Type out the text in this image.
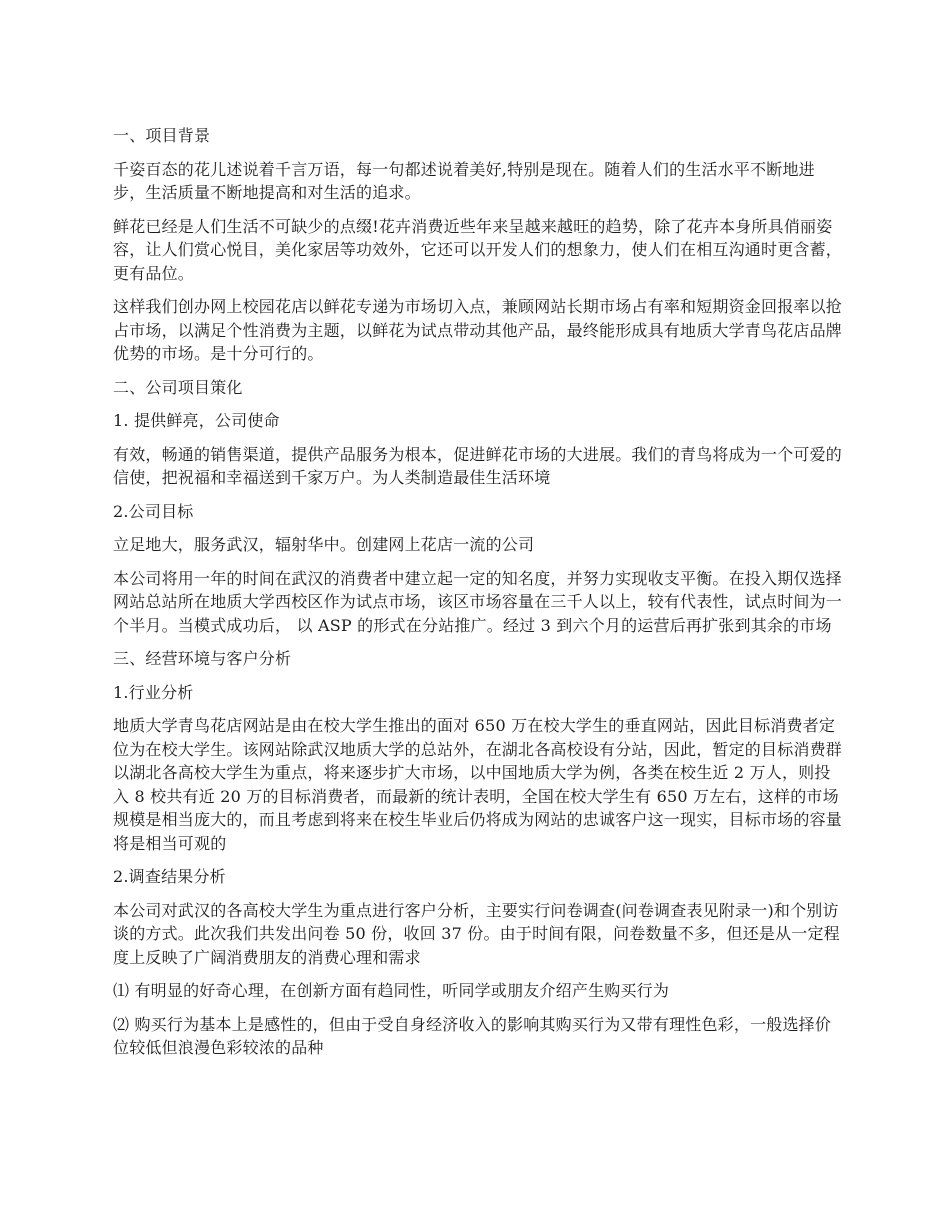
一、项目背景

千姿百态的花儿述说着千言万语，每一句都述说着美好,特别是现在。随着人们的生活水平不断地进步，生活质量不断地提高和对生活的追求。

鲜花已经是人们生活不可缺少的点缀!花卉消费近些年来呈越来越旺的趋势，除了花卉本身所具俏丽姿容，让人们赏心悦目，美化家居等功效外，它还可以开发人们的想象力，使人们在相互沟通时更含蓄，更有品位。

这样我们创办网上校园花店以鲜花专递为市场切入点，兼顾网站长期市场占有率和短期资金回报率以抢占市场，以满足个性消费为主题，以鲜花为试点带动其他产品，最终能形成具有地质大学青鸟花店品牌优势的市场。是十分可行的。

二、公司项目策化

1. 提供鲜亮，公司使命

有效，畅通的销售渠道，提供产品服务为根本，促进鲜花市场的大进展。我们的青鸟将成为一个可爱的信使，把祝福和幸福送到千家万户。为人类制造最佳生活环境

2.公司目标

立足地大，服务武汉，辐射华中。创建网上花店一流的公司

本公司将用一年的时间在武汉的消费者中建立起一定的知名度，并努力实现收支平衡。在投入期仅选择网站总站所在地质大学西校区作为试点市场，该区市场容量在三千人以上，较有代表性，试点时间为一个半月。当模式成功后， 以 ASP 的形式在分站推广。经过 3 到六个月的运营后再扩张到其余的市场

三、经营环境与客户分析

1.行业分析

地质大学青鸟花店网站是由在校大学生推出的面对 650 万在校大学生的垂直网站，因此目标消费者定位为在校大学生。该网站除武汉地质大学的总站外，在湖北各高校设有分站，因此，暂定的目标消费群以湖北各高校大学生为重点，将来逐步扩大市场，以中国地质大学为例，各类在校生近 2 万人，则投入 8 校共有近 20 万的目标消费者，而最新的统计表明，全国在校大学生有 650 万左右，这样的市场规模是相当庞大的，而且考虑到将来在校生毕业后仍将成为网站的忠诚客户这一现实，目标市场的容量将是相当可观的

2.调查结果分析

本公司对武汉的各高校大学生为重点进行客户分析，主要实行问卷调查(问卷调查表见附录一)和个别访谈的方式。此次我们共发出问卷 50 份，收回 37 份。由于时间有限，问卷数量不多，但还是从一定程度上反映了广阔消费朋友的消费心理和需求

⑴ 有明显的好奇心理，在创新方面有趋同性，听同学或朋友介绍产生购买行为

⑵ 购买行为基本上是感性的，但由于受自身经济收入的影响其购买行为又带有理性色彩，一般选择价位较低但浪漫色彩较浓的品种
